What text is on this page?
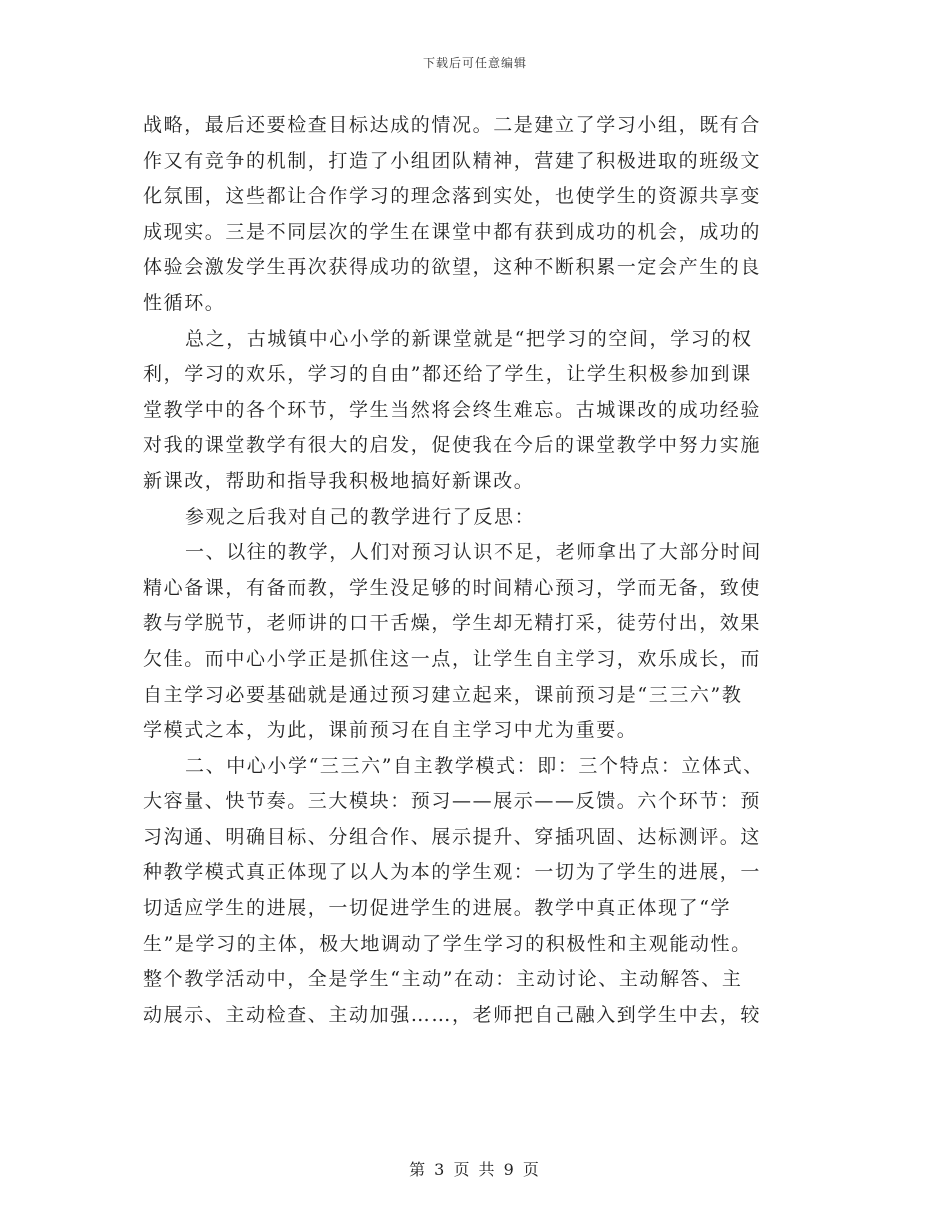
下载后可任意编辑
战略，最后还要检查目标达成的情况。二是建立了学习小组，既有合
作又有竞争的机制，打造了小组团队精神，营建了积极进取的班级文
化氛围，这些都让合作学习的理念落到实处，也使学生的资源共享变
成现实。三是不同层次的学生在课堂中都有获到成功的机会，成功的
体验会激发学生再次获得成功的欲望，这种不断积累一定会产生的良
性循环。
总之，古城镇中心小学的新课堂就是“把学习的空间，学习的权
利，学习的欢乐，学习的自由”都还给了学生，让学生积极参加到课
堂教学中的各个环节，学生当然将会终生难忘。古城课改的成功经验
对我的课堂教学有很大的启发，促使我在今后的课堂教学中努力实施
新课改，帮助和指导我积极地搞好新课改。
参观之后我对自己的教学进行了反思：
一、以往的教学，人们对预习认识不足，老师拿出了大部分时间
精心备课，有备而教，学生没足够的时间精心预习，学而无备，致使
教与学脱节，老师讲的口干舌燥，学生却无精打采，徒劳付出，效果
欠佳。而中心小学正是抓住这一点，让学生自主学习，欢乐成长，而
自主学习必要基础就是通过预习建立起来，课前预习是“三三六”教
学模式之本，为此，课前预习在自主学习中尤为重要。
二、中心小学“三三六”自主教学模式：即：三个特点：立体式、
大容量、快节奏。三大模块：预习——展示——反馈。六个环节：预
习沟通、明确目标、分组合作、展示提升、穿插巩固、达标测评。这
种教学模式真正体现了以人为本的学生观：一切为了学生的进展，一
切适应学生的进展，一切促进学生的进展。教学中真正体现了“学
生”是学习的主体，极大地调动了学生学习的积极性和主观能动性。
整个教学活动中，全是学生“主动”在动：主动讨论、主动解答、主
动展示、主动检查、主动加强……，老师把自己融入到学生中去，较
第 3 页 共 9 页
